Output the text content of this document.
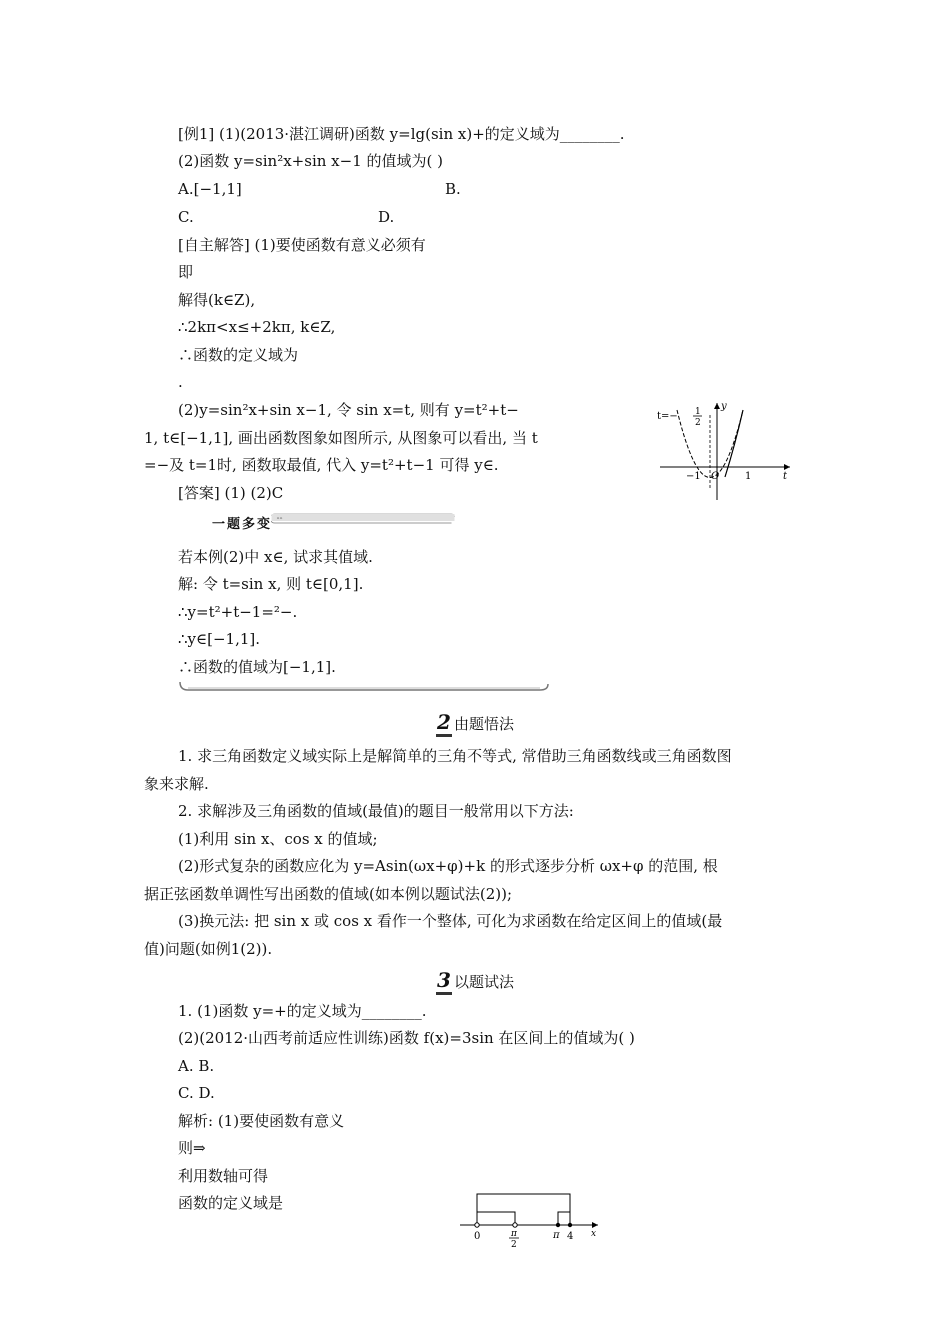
[例1] (1)(2013·湛江调研)函数 y=lg(sin x)+的定义域为________.
(2)函数 y=sin²x+sin x−1 的值域为( )
A.[−1,1]	B.
C.	D.
[自主解答] (1)要使函数有意义必须有
即
解得(k∈Z),
∴2kπ<x≤+2kπ, k∈Z,
∴函数的定义域为
.
(2)y=sin²x+sin x−1, 令 sin x=t, 则有 y=t²+t−
1, t∈[−1,1], 画出函数图象如图所示, 从图象可以看出, 当 t
=−及 t=1时, 函数取最值, 代入 y=t²+t−1 可得 y∈.
[答案] (1) (2)C
t=− 1
2
y
t
O
−1	1
»»
一题多变
若本例(2)中 x∈, 试求其值域.
解: 令 t=sin x, 则 t∈[0,1].
∴y=t²+t−1=²−.
∴y∈[−1,1].
∴函数的值域为[−1,1].
2 由题悟法
1. 求三角函数定义域实际上是解简单的三角不等式, 常借助三角函数线或三角函数图
象来求解.
2. 求解涉及三角函数的值域(最值)的题目一般常用以下方法:
(1)利用 sin x、cos x 的值域;
(2)形式复杂的函数应化为 y=Asin(ωx+φ)+k 的形式逐步分析 ωx+φ 的范围, 根
据正弦函数单调性写出函数的值域(如本例以题试法(2));
(3)换元法: 把 sin x 或 cos x 看作一个整体, 可化为求函数在给定区间上的值域(最
值)问题(如例1(2)).
3 以题试法
1. (1)函数 y=+的定义域为________.
(2)(2012·山西考前适应性训练)函数 f(x)=3sin 在区间上的值域为( )
A. B.
C. D.
解析: (1)要使函数有意义
则⇒
利用数轴可得
函数的定义域是
0	π
2
π 4 x
